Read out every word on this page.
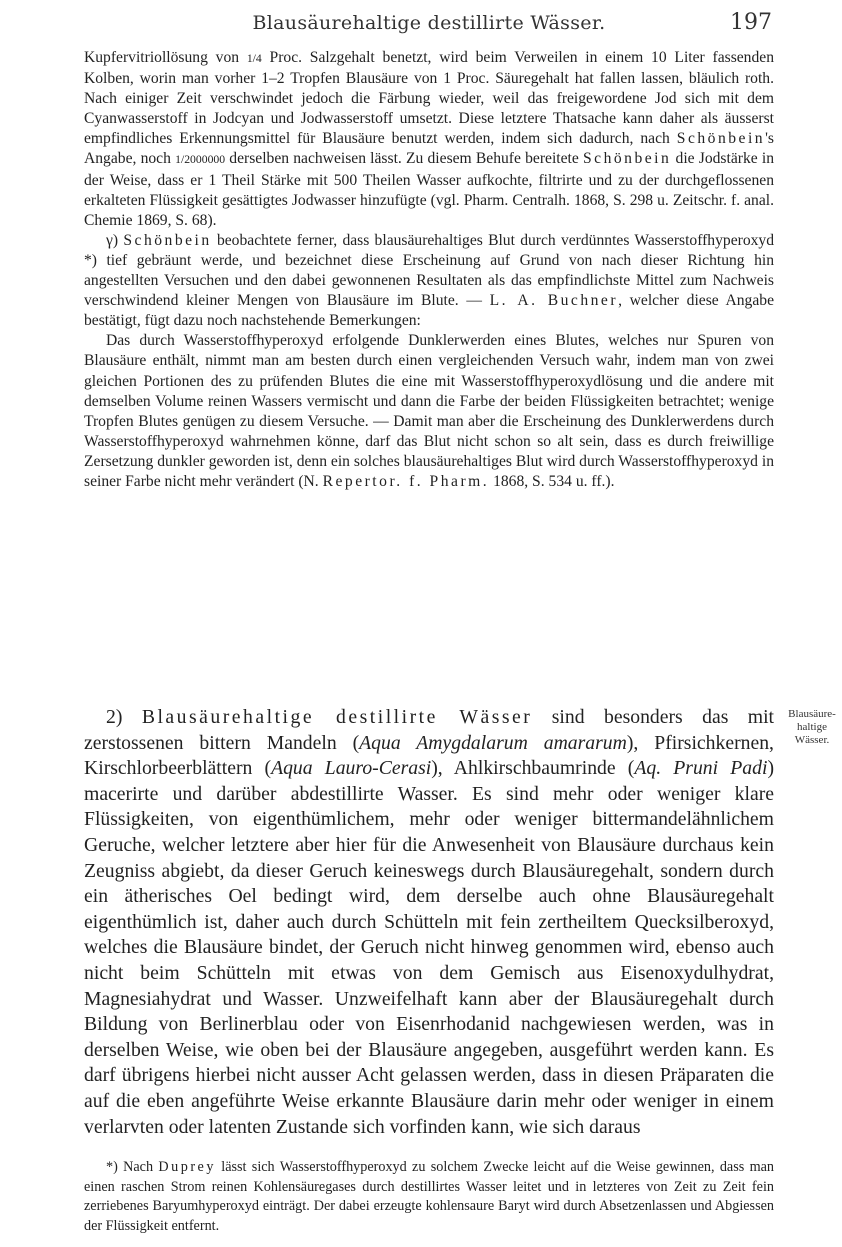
Blausäurehaltige destillirte Wässer.	197

Kupfervitriollösung von 1/4 Proc. Salzgehalt benetzt, wird beim Verweilen in einem 10 Liter fassenden Kolben, worin man vorher 1–2 Tropfen Blausäure von 1 Proc. Säuregehalt hat fallen lassen, bläulich roth. Nach einiger Zeit verschwindet jedoch die Färbung wieder, weil das freigewordene Jod sich mit dem Cyanwasserstoff in Jodcyan und Jodwasserstoff umsetzt. Diese letztere Thatsache kann daher als äusserst empfindliches Erkennungsmittel für Blausäure benutzt werden, indem sich dadurch, nach Schönbein's Angabe, noch 1/2000000 derselben nachweisen lässt. Zu diesem Behufe bereitete Schönbein die Jodstärke in der Weise, dass er 1 Theil Stärke mit 500 Theilen Wasser aufkochte, filtrirte und zu der durchgeflossenen erkalteten Flüssigkeit gesättigtes Jodwasser hinzufügte (vgl. Pharm. Centralh. 1868, S. 298 u. Zeitschr. f. anal. Chemie 1869, S. 68).

γ) Schönbein beobachtete ferner, dass blausäurehaltiges Blut durch verdünntes Wasserstoffhyperoxyd *) tief gebräunt werde, und bezeichnet diese Erscheinung auf Grund von nach dieser Richtung hin angestellten Versuchen und den dabei gewonnenen Resultaten als das empfindlichste Mittel zum Nachweis verschwindend kleiner Mengen von Blausäure im Blute. — L. A. Buchner, welcher diese Angabe bestätigt, fügt dazu noch nachstehende Bemerkungen:

Das durch Wasserstoffhyperoxyd erfolgende Dunklerwerden eines Blutes, welches nur Spuren von Blausäure enthält, nimmt man am besten durch einen vergleichenden Versuch wahr, indem man von zwei gleichen Portionen des zu prüfenden Blutes die eine mit Wasserstoffhyperoxydlösung und die andere mit demselben Volume reinen Wassers vermischt und dann die Farbe der beiden Flüssigkeiten betrachtet; wenige Tropfen Blutes genügen zu diesem Versuche. — Damit man aber die Erscheinung des Dunklerwerdens durch Wasserstoffhyperoxyd wahrnehmen könne, darf das Blut nicht schon so alt sein, dass es durch freiwillige Zersetzung dunkler geworden ist, denn ein solches blausäurehaltiges Blut wird durch Wasserstoffhyperoxyd in seiner Farbe nicht mehr verändert (N. Repertor. f. Pharm. 1868, S. 534 u. ff.).

2) Blausäurehaltige destillirte Wässer sind besonders das mit zerstossenen bittern Mandeln (Aqua Amygdalarum amararum), Pfirsichkernen, Kirschlorbeerblättern (Aqua Lauro-Cerasi), Ahlkirschbaumrinde (Aq. Pruni Padi) macerirte und darüber abdestillirte Wasser. Es sind mehr oder weniger klare Flüssigkeiten, von eigenthümlichem, mehr oder weniger bittermandelähnlichem Geruche, welcher letztere aber hier für die Anwesenheit von Blausäure durchaus kein Zeugniss abgiebt, da dieser Geruch keineswegs durch Blausäuregehalt, sondern durch ein ätherisches Oel bedingt wird, dem derselbe auch ohne Blausäuregehalt eigenthümlich ist, daher auch durch Schütteln mit fein zertheiltem Quecksilberoxyd, welches die Blausäure bindet, der Geruch nicht hinweg genommen wird, ebenso auch nicht beim Schütteln mit etwas von dem Gemisch aus Eisenoxydulhydrat, Magnesiahydrat und Wasser. Unzweifelhaft kann aber der Blausäuregehalt durch Bildung von Berlinerblau oder von Eisenrhodanid nachgewiesen werden, was in derselben Weise, wie oben bei der Blausäure angegeben, ausgeführt werden kann. Es darf übrigens hierbei nicht ausser Acht gelassen werden, dass in diesen Präparaten die auf die eben angeführte Weise erkannte Blausäure darin mehr oder weniger in einem verlarvten oder latenten Zustande sich vorfinden kann, wie sich daraus

Blausäure-
haltige
Wässer.

*) Nach Duprey lässt sich Wasserstoffhyperoxyd zu solchem Zwecke leicht auf die Weise gewinnen, dass man einen raschen Strom reinen Kohlensäuregases durch destillirtes Wasser leitet und in letzteres von Zeit zu Zeit fein zerriebenes Baryumhyperoxyd einträgt. Der dabei erzeugte kohlensaure Baryt wird durch Absetzenlassen und Abgiessen der Flüssigkeit entfernt.
